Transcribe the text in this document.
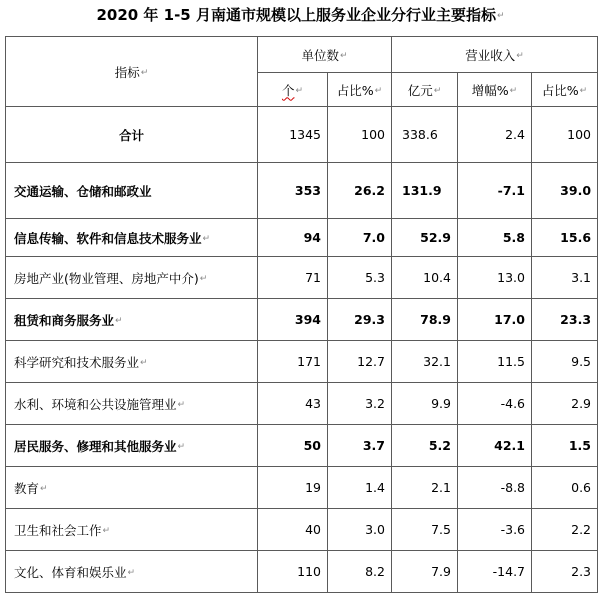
2020 年 1-5 月南通市规模以上服务业企业分行业主要指标↵
指标↵	单位数↵		营业收入↵		
	个↵	占比%↵	亿元↵	增幅%↵	占比%↵
合计	1345	100	338.6	2.4	100
交通运输、仓储和邮政业	353	26.2	131.9	-7.1	39.0
信息传输、软件和信息技术服务业↵	94	7.0	52.9	5.8	15.6
房地产业(物业管理、房地产中介)↵	71	5.3	10.4	13.0	3.1
租赁和商务服务业↵	394	29.3	78.9	17.0	23.3
科学研究和技术服务业↵	171	12.7	32.1	11.5	9.5
水利、环境和公共设施管理业↵	43	3.2	9.9	-4.6	2.9
居民服务、修理和其他服务业↵	50	3.7	5.2	42.1	1.5
教育↵	19	1.4	2.1	-8.8	0.6
卫生和社会工作↵	40	3.0	7.5	-3.6	2.2
文化、体育和娱乐业↵	110	8.2	7.9	-14.7	2.3
